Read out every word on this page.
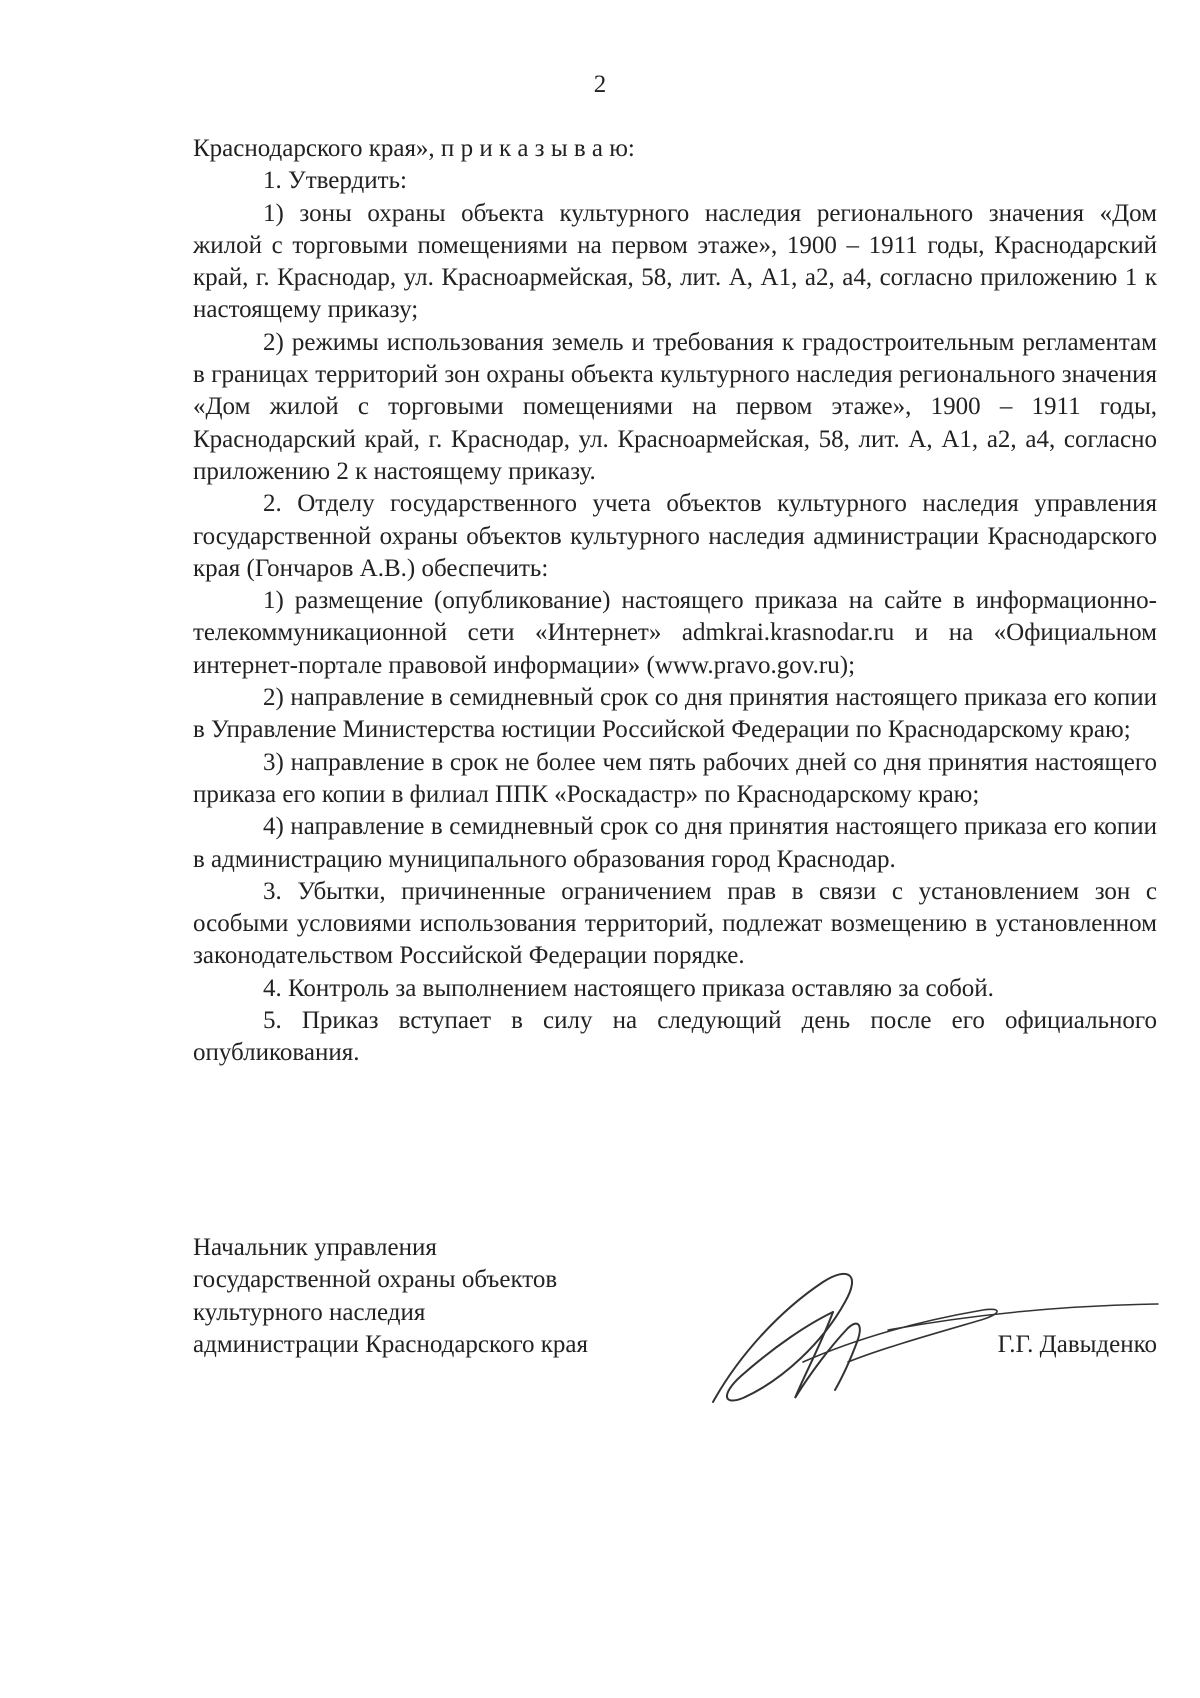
2

Краснодарского края», п р и к а з ы в а ю:

1. Утвердить:

1) зоны охраны объекта культурного наследия регионального значения «Дом жилой с торговыми помещениями на первом этаже», 1900 – 1911 годы, Краснодарский край, г. Краснодар, ул. Красноармейская, 58, лит. А, А1, а2, а4, согласно приложению 1 к настоящему приказу;

2) режимы использования земель и требования к градостроительным регламентам в границах территорий зон охраны объекта культурного наследия регионального значения «Дом жилой с торговыми помещениями на первом этаже», 1900 – 1911 годы, Краснодарский край, г. Краснодар, ул. Красноармейская, 58, лит. А, А1, а2, а4, согласно приложению 2 к настоящему приказу.

2. Отделу государственного учета объектов культурного наследия управления государственной охраны объектов культурного наследия администрации Краснодарского края (Гончаров А.В.) обеспечить:

1) размещение (опубликование) настоящего приказа на сайте в информационно-телекоммуникационной сети «Интернет» admkrai.krasnodar.ru и на «Официальном интернет-портале правовой информации» (www.pravo.gov.ru);

2) направление в семидневный срок со дня принятия настоящего приказа его копии в Управление Министерства юстиции Российской Федерации по Краснодарскому краю;

3) направление в срок не более чем пять рабочих дней со дня принятия настоящего приказа его копии в филиал ППК «Роскадастр» по Краснодарскому краю;

4) направление в семидневный срок со дня принятия настоящего приказа его копии в администрацию муниципального образования город Краснодар.

3. Убытки, причиненные ограничением прав в связи с установлением зон с особыми условиями использования территорий, подлежат возмещению в установленном законодательством Российской Федерации порядке.

4. Контроль за выполнением настоящего приказа оставляю за собой.

5. Приказ вступает в силу на следующий день после его официального опубликования.

Начальник управления
государственной охраны объектов
культурного наследия
администрации Краснодарского края	Г.Г. Давыденко
